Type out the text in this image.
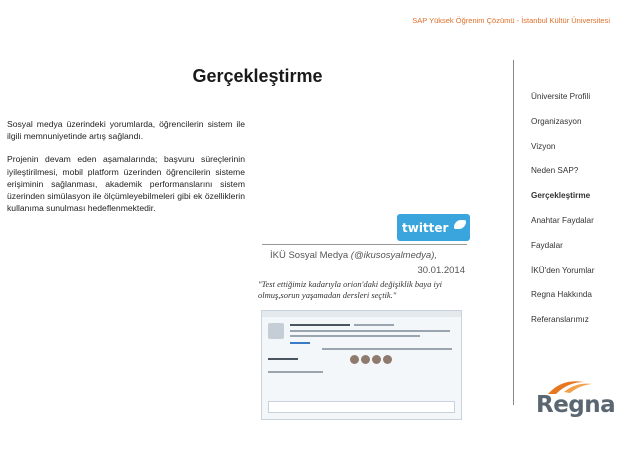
SAP Yüksek Öğrenim Çözümü - İstanbul Kültür Üniversitesi
Gerçekleştirme

Sosyal medya üzerindeki yorumlarda, öğrencilerin sistem ile ilgili memnuniyetinde artış sağlandı.

Projenin devam eden aşamalarında; başvuru süreçlerinin iyileştirilmesi, mobil platform üzerinden öğrencilerin sisteme erişiminin sağlanması, akademik performanslarını sistem üzerinden simülasyon ile ölçümleyebilmeleri gibi ek özelliklerin kullanıma sunulması hedeflenmektedir.

twitter
İKÜ Sosyal Medya (@ikusosyalmedya),
30.01.2014
"Test ettiğimiz kadarıyla orion'daki değişiklik baya iyi olmuş,sorun yaşamadan dersleri seçtik."
Üniversite Profili
Organizasyon
Vizyon
Neden SAP?
Gerçekleştirme
Anahtar Faydalar
Faydalar
İKÜ'den Yorumlar
Regna Hakkında
Referanslarımız
Regna
